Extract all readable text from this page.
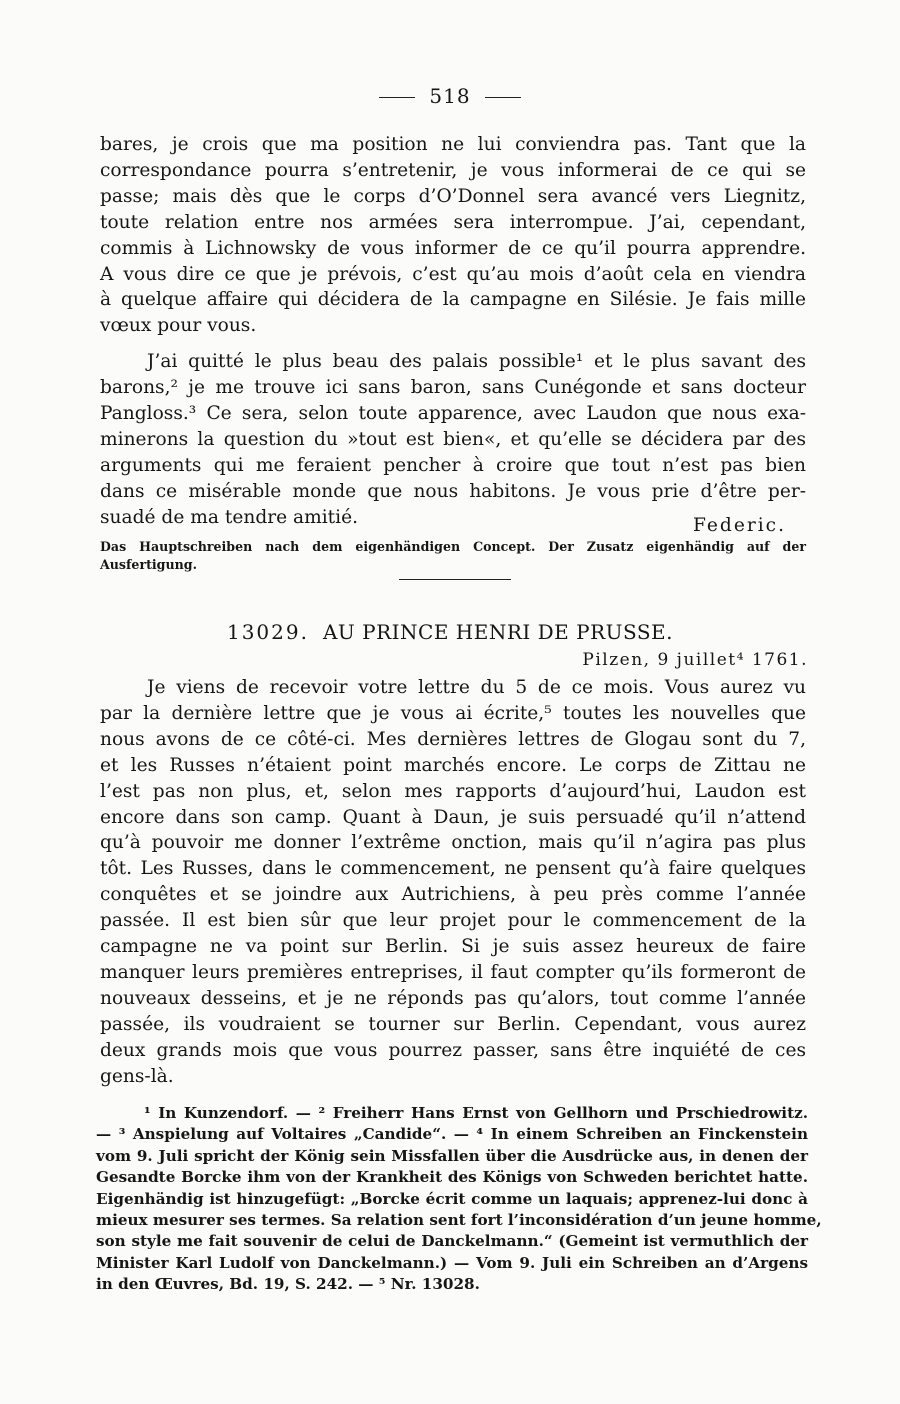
518
bares, je crois que ma position ne lui conviendra pas. Tant que la
correspondance pourra s’entretenir, je vous informerai de ce qui se
passe; mais dès que le corps d’O’Donnel sera avancé vers Liegnitz,
toute relation entre nos armées sera interrompue. J’ai, cependant,
commis à Lichnowsky de vous informer de ce qu’il pourra apprendre.
A vous dire ce que je prévois, c’est qu’au mois d’août cela en viendra
à quelque affaire qui décidera de la campagne en Silésie. Je fais mille
vœux pour vous.
J’ai quitté le plus beau des palais possible¹ et le plus savant des
barons,² je me trouve ici sans baron, sans Cunégonde et sans docteur
Pangloss.³ Ce sera, selon toute apparence, avec Laudon que nous exa-
minerons la question du »tout est bien«, et qu’elle se décidera par des
arguments qui me feraient pencher à croire que tout n’est pas bien
dans ce misérable monde que nous habitons. Je vous prie d’être per-
suadé de ma tendre amitié.	Federic.
Das Hauptschreiben nach dem eigenhändigen Concept. Der Zusatz eigenhändig auf der
Ausfertigung.
13029. AU PRINCE HENRI DE PRUSSE.
Pilzen, 9 juillet⁴ 1761.
Je viens de recevoir votre lettre du 5 de ce mois. Vous aurez vu
par la dernière lettre que je vous ai écrite,⁵ toutes les nouvelles que
nous avons de ce côté-ci. Mes dernières lettres de Glogau sont du 7,
et les Russes n’étaient point marchés encore. Le corps de Zittau ne
l’est pas non plus, et, selon mes rapports d’aujourd’hui, Laudon est
encore dans son camp. Quant à Daun, je suis persuadé qu’il n’attend
qu’à pouvoir me donner l’extrême onction, mais qu’il n’agira pas plus
tôt. Les Russes, dans le commencement, ne pensent qu’à faire quelques
conquêtes et se joindre aux Autrichiens, à peu près comme l’année
passée. Il est bien sûr que leur projet pour le commencement de la
campagne ne va point sur Berlin. Si je suis assez heureux de faire
manquer leurs premières entreprises, il faut compter qu’ils formeront de
nouveaux desseins, et je ne réponds pas qu’alors, tout comme l’année
passée, ils voudraient se tourner sur Berlin. Cependant, vous aurez
deux grands mois que vous pourrez passer, sans être inquiété de ces
gens-là.
¹ In Kunzendorf. — ² Freiherr Hans Ernst von Gellhorn und Prschiedrowitz.
— ³ Anspielung auf Voltaires „Candide“. — ⁴ In einem Schreiben an Finckenstein
vom 9. Juli spricht der König sein Missfallen über die Ausdrücke aus, in denen der
Gesandte Borcke ihm von der Krankheit des Königs von Schweden berichtet hatte.
Eigenhändig ist hinzugefügt: „Borcke écrit comme un laquais; apprenez-lui donc à
mieux mesurer ses termes. Sa relation sent fort l’inconsidération d’un jeune homme,
son style me fait souvenir de celui de Danckelmann.“ (Gemeint ist vermuthlich der
Minister Karl Ludolf von Danckelmann.) — Vom 9. Juli ein Schreiben an d’Argens
in den Œuvres, Bd. 19, S. 242. — ⁵ Nr. 13028.
